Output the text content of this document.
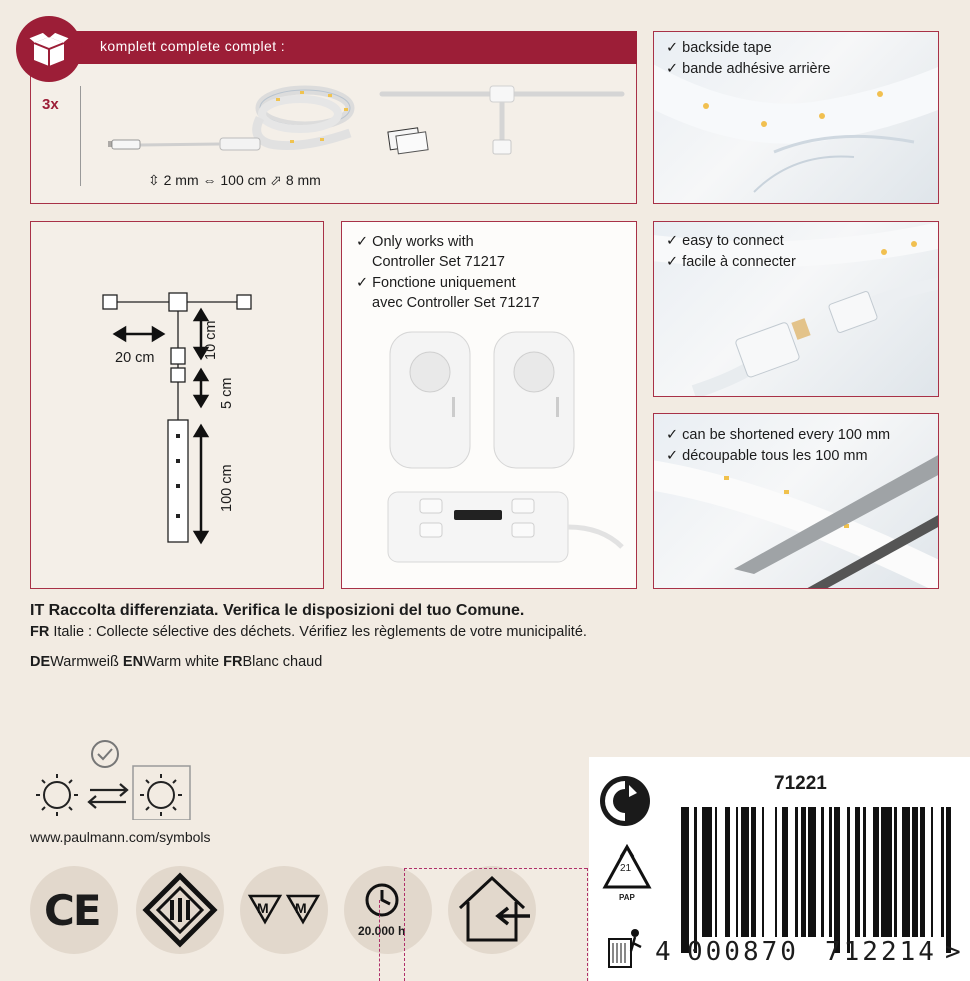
komplett complete complet :
3x
⇳ 2 mm ⇔ 100 cm ⬀ 8 mm
✓ backside tape
✓ bande adhésive arrière
✓ easy to connect
✓ facile à connecter
✓ can be shortened every 100 mm
✓ découpable tous les 100 mm
✓ Only works with
Controller Set 71217
✓ Fonctione uniquement
avec Controller Set 71217
20 cm	10 cm
5 cm
100 cm
IT Raccolta differenziata. Verifica le disposizioni del tuo Comune.
FR Italie : Collecte sélective des déchets. Vérifiez les règlements de votre municipalité.
DEWarmweiß ENWarm white FRBlanc chaud
www.paulmann.com/symbols
CE	M M
20.000 h
71221
21
PAP
4 000870 712214 >
